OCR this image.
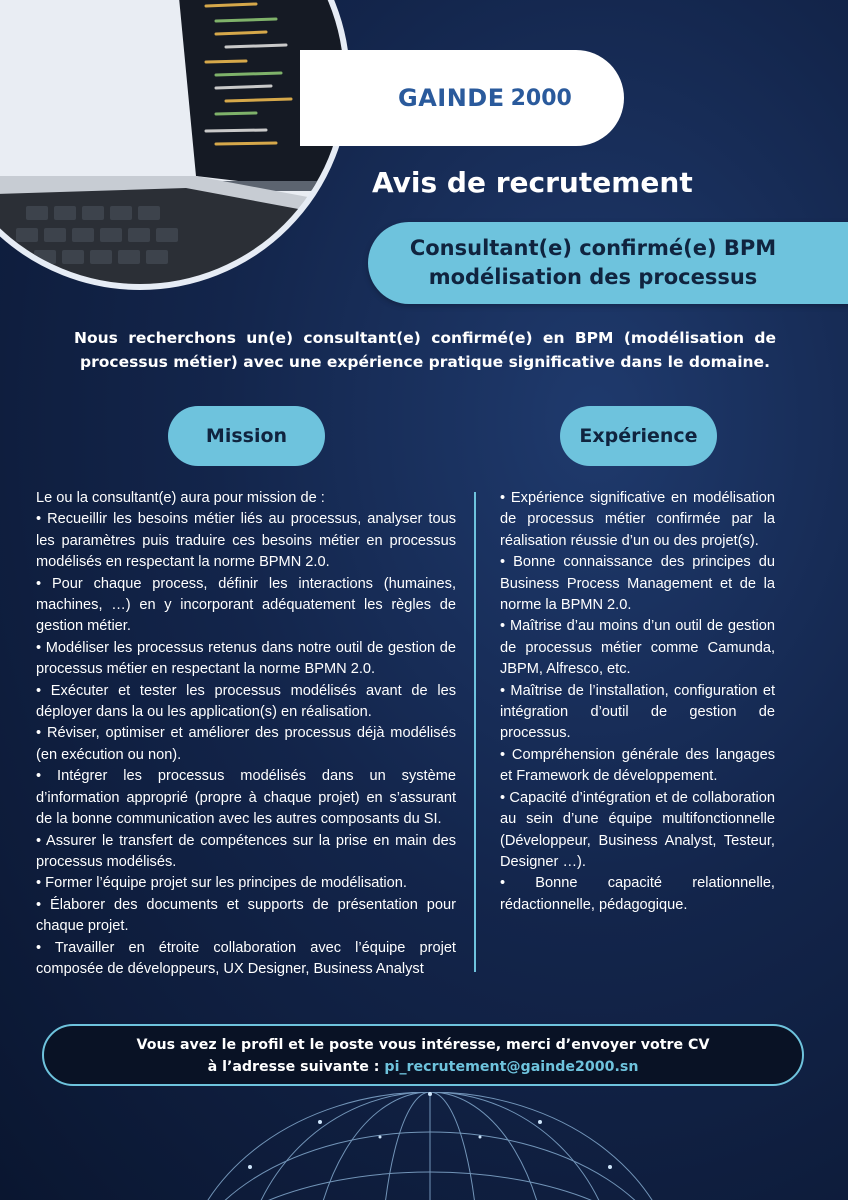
GAINDE 2000
Avis de recrutement
Consultant(e) confirmé(e) BPM
modélisation des processus
Nous recherchons un(e) consultant(e) confirmé(e) en BPM (modélisation de processus métier) avec une expérience pratique significative dans le domaine.
Mission	Expérience

Le ou la consultant(e) aura pour mission de :

• Recueillir les besoins métier liés au processus, analyser tous les paramètres puis traduire ces besoins métier en processus modélisés en respectant la norme BPMN 2.0.

• Pour chaque process, définir les interactions (humaines, machines, …) en y incorporant adéquatement les règles de gestion métier.

• Modéliser les processus retenus dans notre outil de gestion de processus métier en respectant la norme BPMN 2.0.

• Exécuter et tester les processus modélisés avant de les déployer dans la ou les application(s) en réalisation.

• Réviser, optimiser et améliorer des processus déjà modélisés (en exécution ou non).

• Intégrer les processus modélisés dans un système d’information approprié (propre à chaque projet) en s’assurant de la bonne communication avec les autres composants du SI.

• Assurer le transfert de compétences sur la prise en main des processus modélisés.

• Former l’équipe projet sur les principes de modélisation.

• Élaborer des documents et supports de présentation pour chaque projet.

• Travailler en étroite collaboration avec l’équipe projet composée de développeurs, UX Designer, Business Analyst

• Expérience significative en modélisation de processus métier confirmée par la réalisation réussie d’un ou des projet(s).

• Bonne connaissance des principes du Business Process Management et de la norme la BPMN 2.0.

• Maîtrise d’au moins d’un outil de gestion de processus métier comme Camunda, JBPM, Alfresco, etc.

• Maîtrise de l’installation, configuration et intégration d’outil de gestion de processus.

• Compréhension générale des langages et Framework de développement.

• Capacité d’intégration et de collaboration au sein d’une équipe multifonctionnelle (Développeur, Business Analyst, Testeur, Designer …).

• Bonne capacité relationnelle, rédactionnelle, pédagogique.

Vous avez le profil et le poste vous intéresse, merci d’envoyer votre CV
à l’adresse suivante : pi_recrutement@gainde2000.sn
